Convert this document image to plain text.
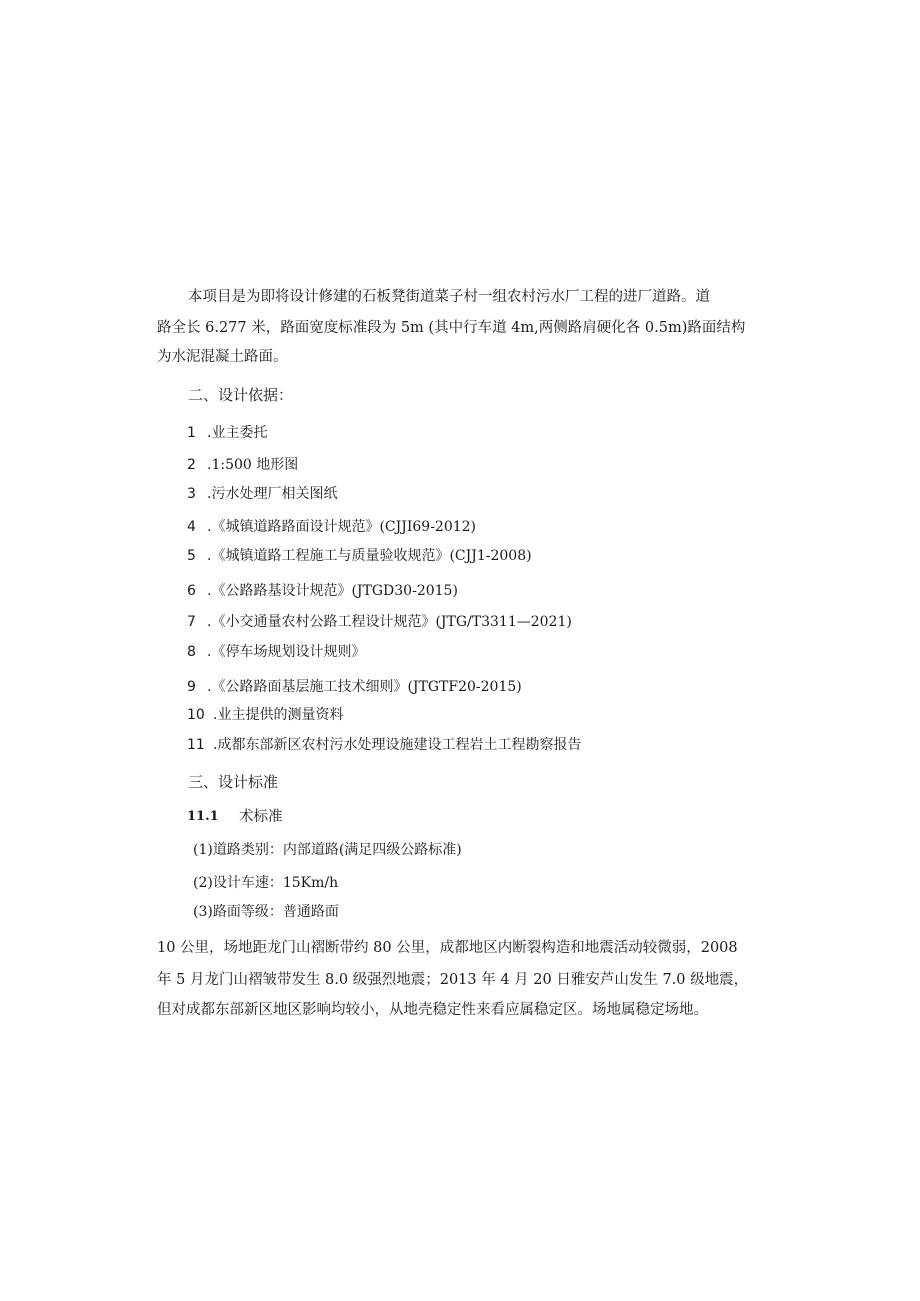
本项目是为即将设计修建的石板凳街道菜子村一组农村污水厂工程的进厂道路。道
路全长 6.277 米，路面宽度标准段为 5m (其中行车道 4m,两侧路肩硬化各 0.5m)路面结构
为水泥混凝土路面。
二、设计依据：
1 .业主委托
2 .1:500 地形图
3 .污水处理厂相关图纸
4 .《城镇道路路面设计规范》(CJJI69-2012)
5 .《城镇道路工程施工与质量验收规范》(CJJ1-2008)
6 .《公路路基设计规范》(JTGD30-2015)
7 .《小交通量农村公路工程设计规范》(JTG/T3311—2021)
8 .《停车场规划设计规则》
9 .《公路路面基层施工技术细则》(JTGTF20-2015)
10 .业主提供的测量资料
11 .成都东部新区农村污水处理设施建设工程岩土工程勘察报告
三、设计标准
11.1	术标准
(1)道路类别：内部道路(满足四级公路标准)
(2)设计车速：15Km/h
(3)路面等级：普通路面
10 公里，场地距龙门山褶断带约 80 公里，成都地区内断裂构造和地震活动较微弱，2008
年 5 月龙门山褶皱带发生 8.0 级强烈地震；2013 年 4 月 20 日雅安芦山发生 7.0 级地震，
但对成都东部新区地区影响均较小，从地壳稳定性来看应属稳定区。场地属稳定场地。
